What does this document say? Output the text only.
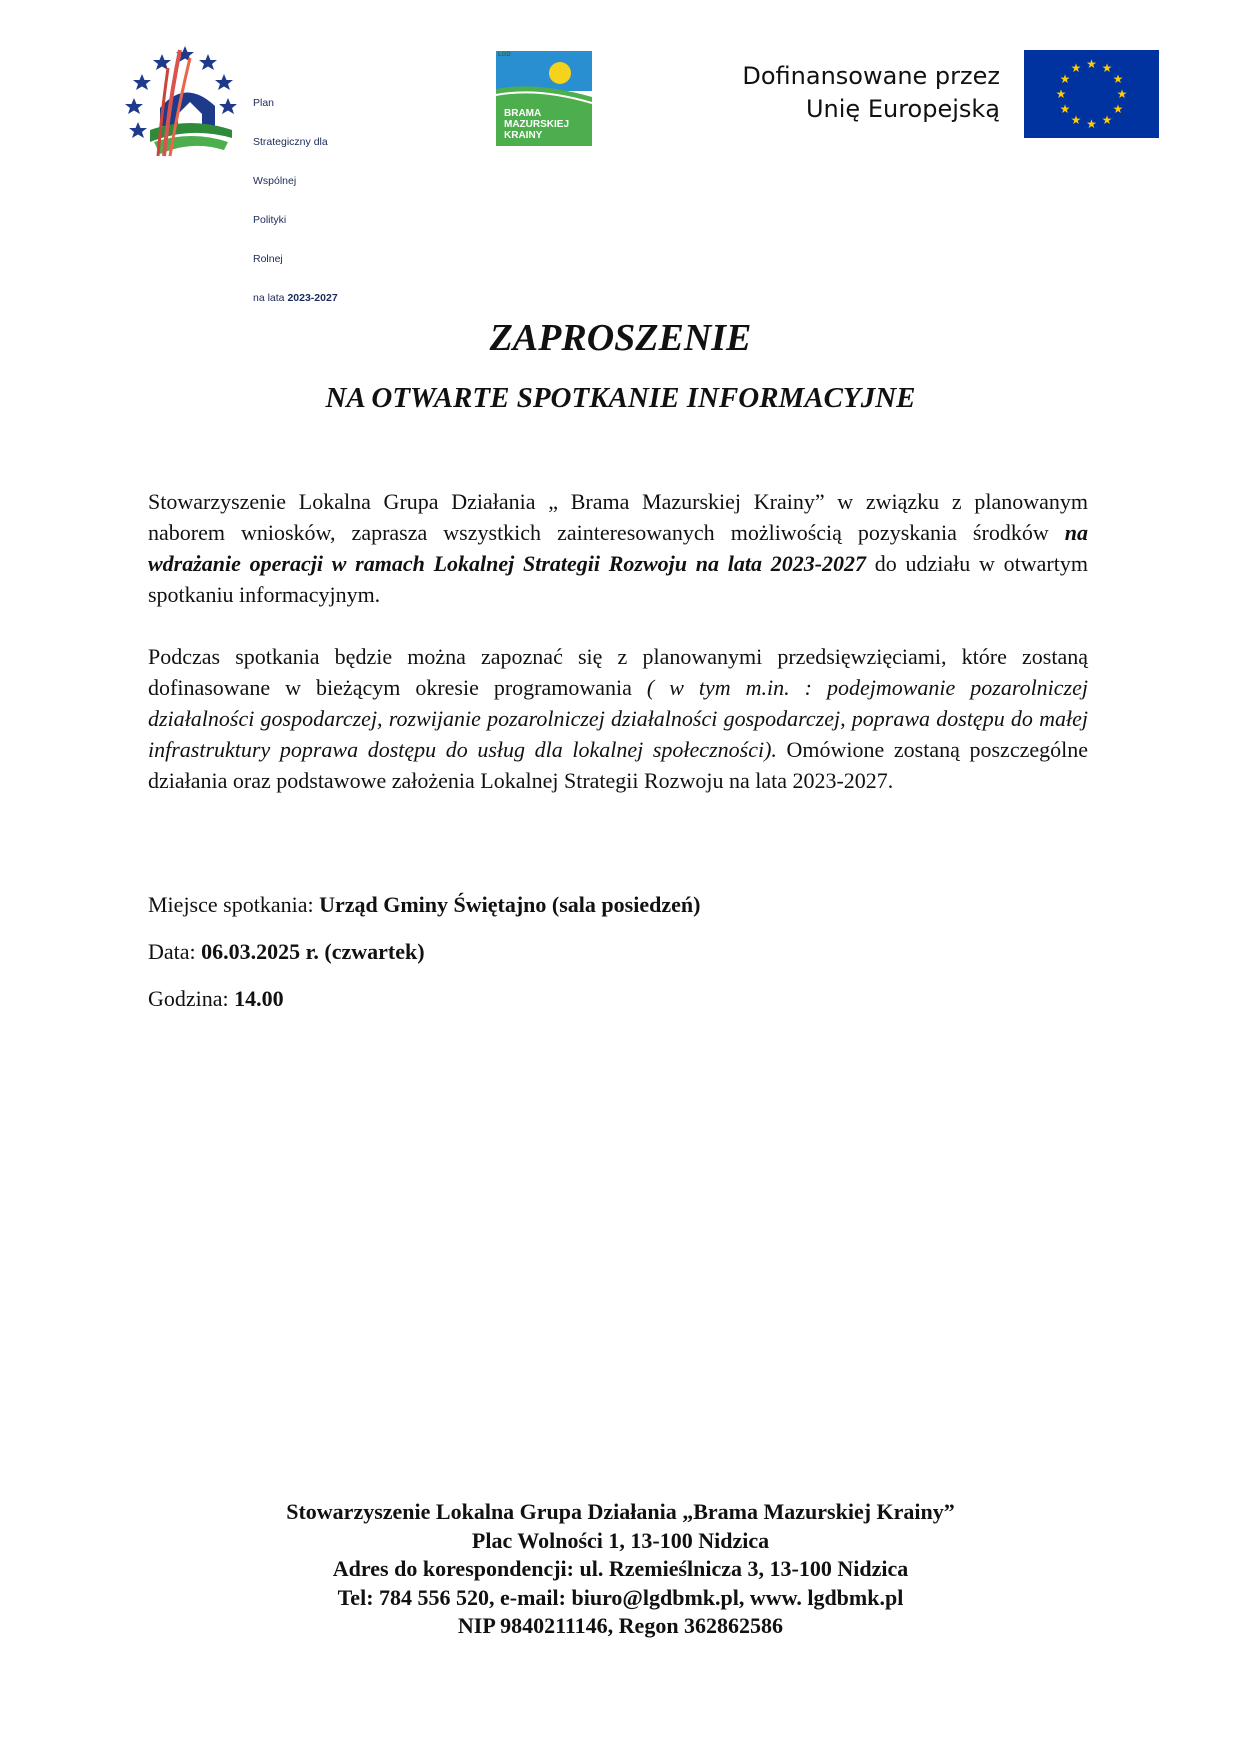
Plan

Strategiczny dla

Wspólnej

Polityki

Rolnej

na lata 2023-2027

LGD
BRAMA
MAZURSKIEJ
KRAINY
Dofinansowane przez
Unię Europejską
★ ★
★
★
★
★
★
★
★
★
★
★
ZAPROSZENIE
NA OTWARTE SPOTKANIE INFORMACYJNE
Stowarzyszenie Lokalna Grupa Działania „ Brama Mazurskiej Krainy” w związku z planowanym naborem wniosków, zaprasza wszystkich zainteresowanych możliwością pozyskania środków na wdrażanie operacji w ramach Lokalnej Strategii Rozwoju na lata 2023-2027 do udziału w otwartym spotkaniu informacyjnym.
Podczas spotkania będzie można zapoznać się z planowanymi przedsięwzięciami, które zostaną dofinasowane w bieżącym okresie programowania ( w tym m.in. : podejmowanie pozarolniczej działalności gospodarczej, rozwijanie pozarolniczej działalności gospodarczej, poprawa dostępu do małej infrastruktury poprawa dostępu do usług dla lokalnej społeczności). Omówione zostaną poszczególne działania oraz podstawowe założenia Lokalnej Strategii Rozwoju na lata 2023-2027.
Miejsce spotkania: Urząd Gminy Świętajno (sala posiedzeń)
Data: 06.03.2025 r. (czwartek)
Godzina: 14.00
Stowarzyszenie Lokalna Grupa Działania „Brama Mazurskiej Krainy”
Plac Wolności 1, 13-100 Nidzica
Adres do korespondencji: ul. Rzemieślnicza 3, 13-100 Nidzica
Tel: 784 556 520, e-mail: biuro@lgdbmk.pl, www. lgdbmk.pl
NIP 9840211146, Regon 362862586
